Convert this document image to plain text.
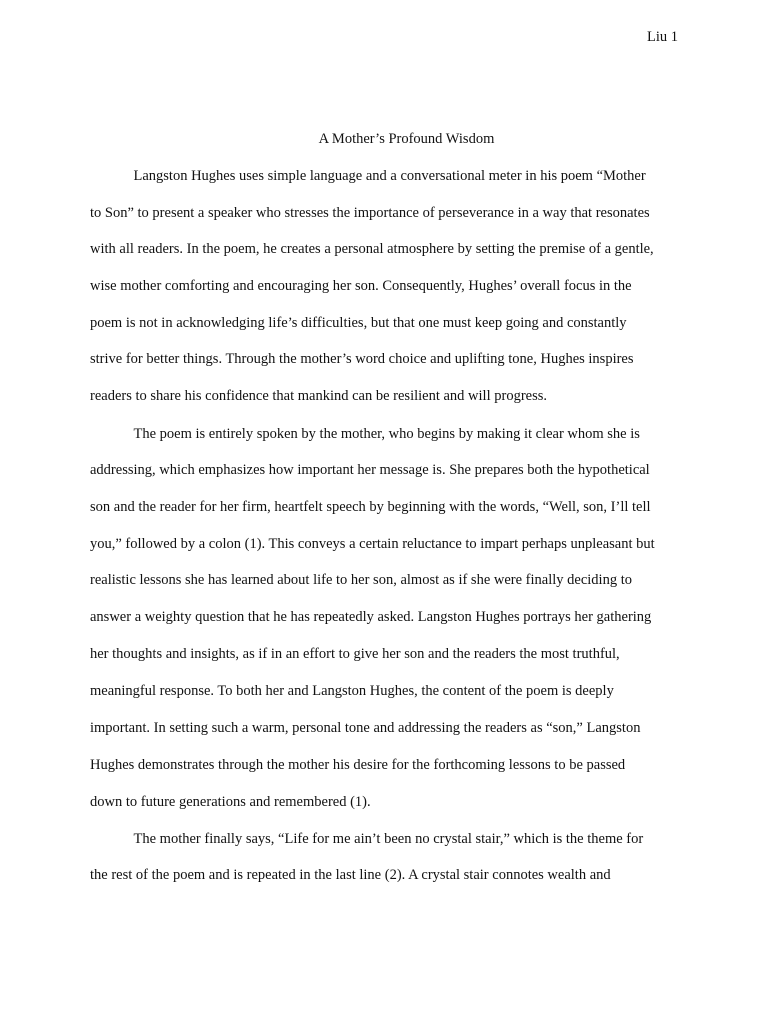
Liu 1
A Mother’s Profound Wisdom
Langston Hughes uses simple language and a conversational meter in his poem “Mother
to Son” to present a speaker who stresses the importance of perseverance in a way that resonates
with all readers. In the poem, he creates a personal atmosphere by setting the premise of a gentle,
wise mother comforting and encouraging her son. Consequently, Hughes’ overall focus in the
poem is not in acknowledging life’s difficulties, but that one must keep going and constantly
strive for better things. Through the mother’s word choice and uplifting tone, Hughes inspires
readers to share his confidence that mankind can be resilient and will progress.
The poem is entirely spoken by the mother, who begins by making it clear whom she is
addressing, which emphasizes how important her message is. She prepares both the hypothetical
son and the reader for her firm, heartfelt speech by beginning with the words, “Well, son, I’ll tell
you,” followed by a colon (1). This conveys a certain reluctance to impart perhaps unpleasant but
realistic lessons she has learned about life to her son, almost as if she were finally deciding to
answer a weighty question that he has repeatedly asked. Langston Hughes portrays her gathering
her thoughts and insights, as if in an effort to give her son and the readers the most truthful,
meaningful response. To both her and Langston Hughes, the content of the poem is deeply
important. In setting such a warm, personal tone and addressing the readers as “son,” Langston
Hughes demonstrates through the mother his desire for the forthcoming lessons to be passed
down to future generations and remembered (1).
The mother finally says, “Life for me ain’t been no crystal stair,” which is the theme for
the rest of the poem and is repeated in the last line (2). A crystal stair connotes wealth and
